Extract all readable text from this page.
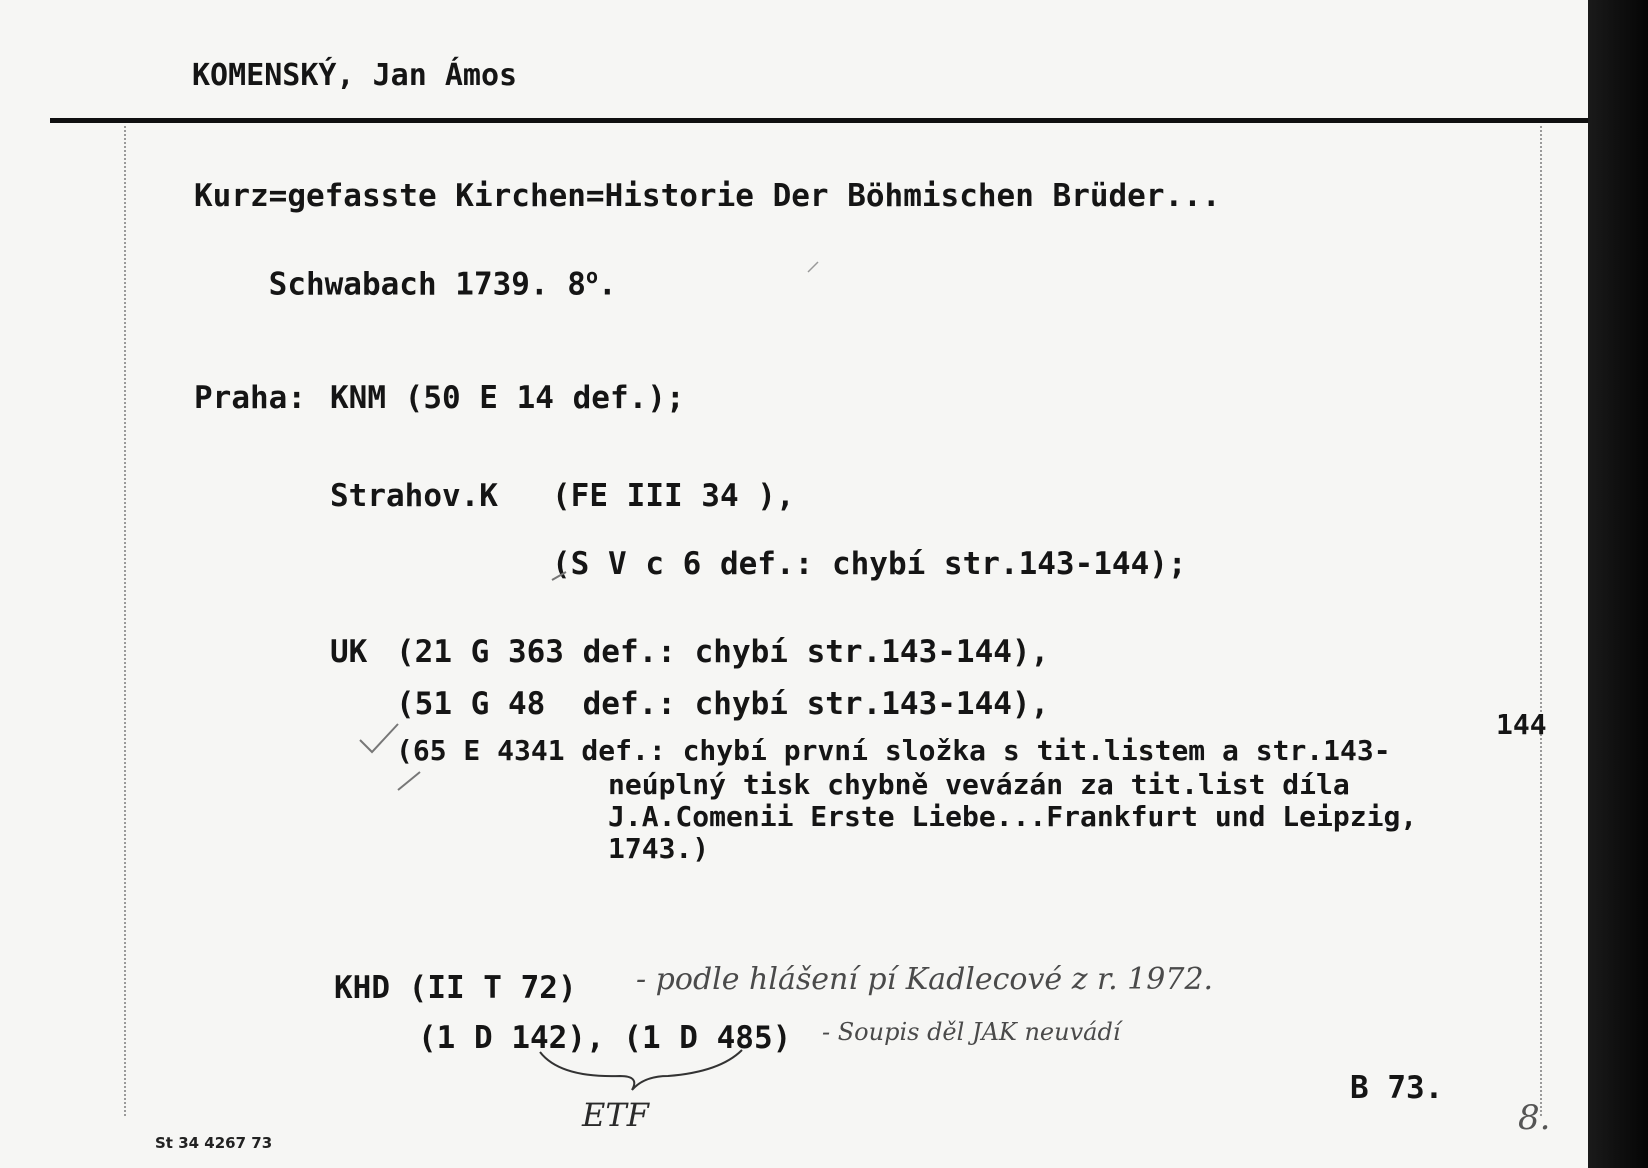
KOMENSKÝ, Jan Ámos
Kurz=gefasste Kirchen=Historie Der Böhmischen Brüder...

Schwabach 1739. 8$^o$.

Praha: KNM (50 E 14 def.);
Strahov.K (FE III 34 ),
(S V c 6 def.: chybí str.143-144);
UK (21 G 363 def.: chybí str.143-144),
(51 G 48  def.: chybí str.143-144),
(65 E 4341 def.: chybí první složka s tit.listem a str.143-
144
neúplný tisk chybně vevázán za tit.list díla
J.A.Comenii Erste Liebe...Frankfurt und Leipzig,
1743.)
KHD (II T 72) - podle hlášení pí Kadlecové z r. 1972.
(1 D 142), (1 D 485) - Soupis děl JAK neuvádí
ETF
B 73.
St 34 4267 73
8.
